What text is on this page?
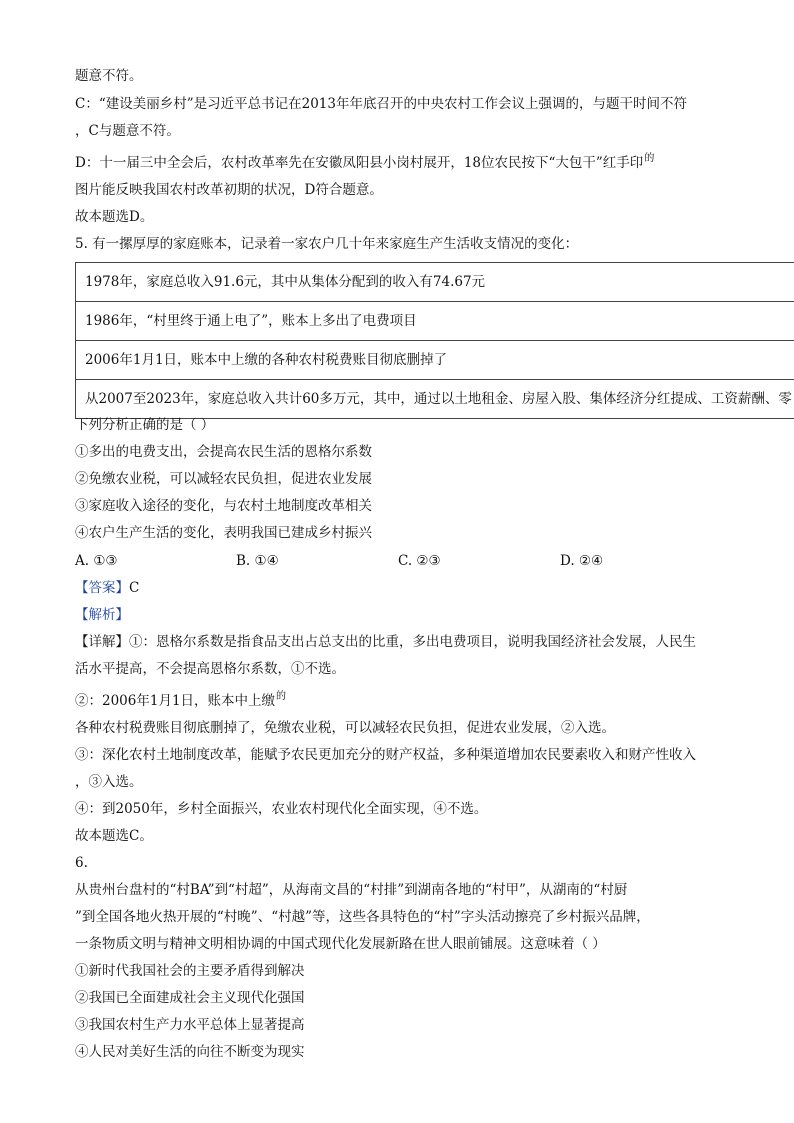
题意不符。
C：“建设美丽乡村”是习近平总书记在2013年年底召开的中央农村工作会议上强调的，与题干时间不符
，C与题意不符。
D：十一届三中全会后，农村改革率先在安徽凤阳县小岗村展开，18位农民按下“大包干”红手印$^的$
图片能反映我国农村改革初期的状况，D符合题意。
故本题选D。
5. 有一摞厚厚的家庭账本，记录着一家农户几十年来家庭生产生活收支情况的变化：
1978年，家庭总收入91.6元，其中从集体分配到的收入有74.67元
1986年，“村里终于通上电了”，账本上多出了电费项目
2006年1月1日，账本中上缴的各种农村税费账目彻底删掉了
从2007至2023年，家庭总收入共计60多万元，其中，通过以土地租金、房屋入股、集体经济分红提成、工资薪酬、零
下列分析正确的是（ ）
①多出的电费支出，会提高农民生活的恩格尔系数
②免缴农业税，可以减轻农民负担，促进农业发展
③家庭收入途径的变化，与农村土地制度改革相关
④农户生产生活的变化，表明我国已建成乡村振兴
A. ①③	B. ①④	C. ②③	D. ②④
【答案】C
【解析】
【详解】①：恩格尔系数是指食品支出占总支出的比重，多出电费项目，说明我国经济社会发展，人民生
活水平提高，不会提高恩格尔系数，①不选。
②：2006年1月1日，账本中上缴$^的$
各种农村税费账目彻底删掉了，免缴农业税，可以减轻农民负担，促进农业发展，②入选。
③：深化农村土地制度改革，能赋予农民更加充分的财产权益，多种渠道增加农民要素收入和财产性收入
，③入选。
④：到2050年，乡村全面振兴，农业农村现代化全面实现，④不选。
故本题选C。
6.
从贵州台盘村的“村BA”到“村超”，从海南文昌的“村排”到湖南各地的“村甲”，从湖南的“村厨
”到全国各地火热开展的“村晚”、“村越”等，这些各具特色的“村”字头活动擦亮了乡村振兴品牌，
一条物质文明与精神文明相协调的中国式现代化发展新路在世人眼前铺展。这意味着（ ）
①新时代我国社会的主要矛盾得到解决
②我国已全面建成社会主义现代化强国
③我国农村生产力水平总体上显著提高
④人民对美好生活的向往不断变为现实
